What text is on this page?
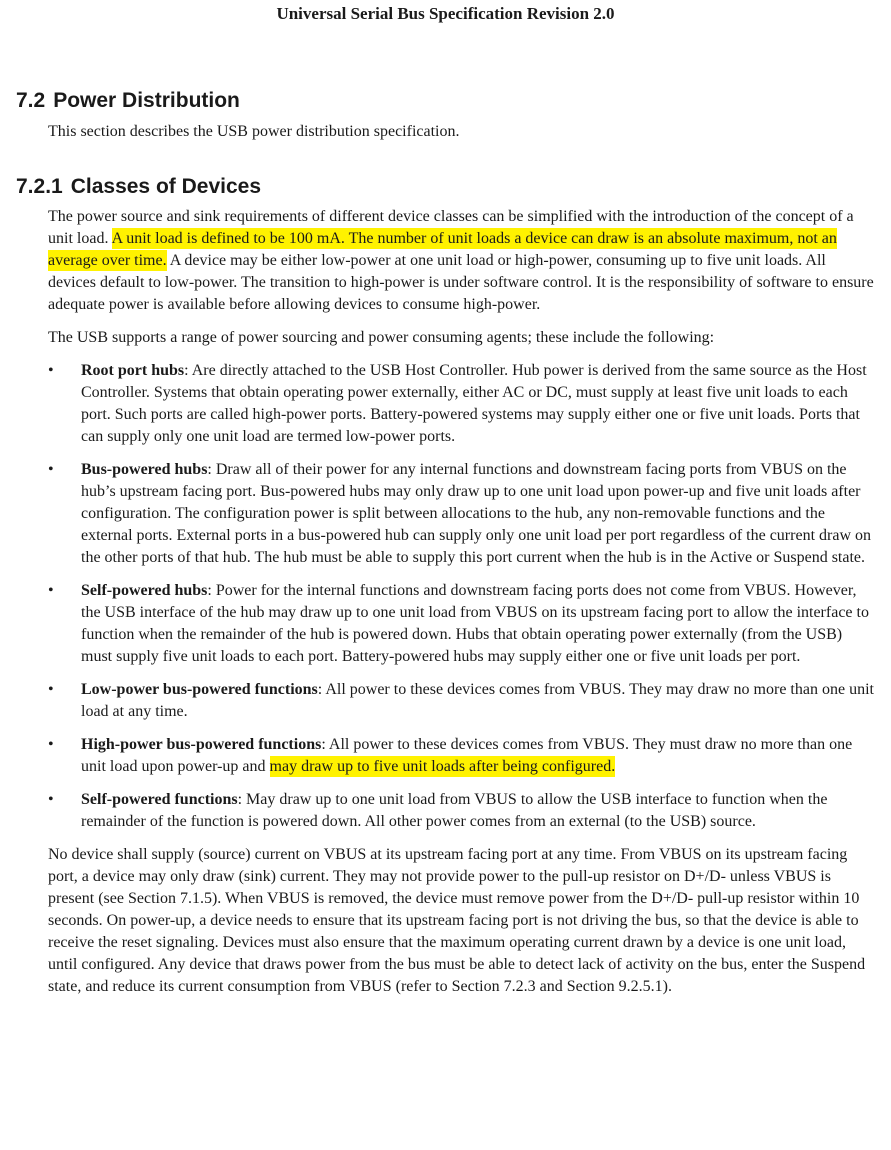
Universal Serial Bus Specification Revision 2.0
7.2 Power Distribution

This section describes the USB power distribution specification.

7.2.1 Classes of Devices

The power source and sink requirements of different device classes can be simplified with the introduction of the concept of a unit load. A unit load is defined to be 100 mA. The number of unit loads a device can draw is an absolute maximum, not an average over time. A device may be either low-power at one unit load or high-power, consuming up to five unit loads. All devices default to low-power. The transition to high-power is under software control. It is the responsibility of software to ensure adequate power is available before allowing devices to consume high-power.

The USB supports a range of power sourcing and power consuming agents; these include the following:

• Root port hubs: Are directly attached to the USB Host Controller. Hub power is derived from the same source as the Host Controller. Systems that obtain operating power externally, either AC or DC, must supply at least five unit loads to each port. Such ports are called high-power ports. Battery-powered systems may supply either one or five unit loads. Ports that can supply only one unit load are termed low-power ports.
• Bus-powered hubs: Draw all of their power for any internal functions and downstream facing ports from VBUS on the hub’s upstream facing port. Bus-powered hubs may only draw up to one unit load upon power-up and five unit loads after configuration. The configuration power is split between allocations to the hub, any non-removable functions and the external ports. External ports in a bus-powered hub can supply only one unit load per port regardless of the current draw on the other ports of that hub. The hub must be able to supply this port current when the hub is in the Active or Suspend state.
• Self-powered hubs: Power for the internal functions and downstream facing ports does not come from VBUS. However, the USB interface of the hub may draw up to one unit load from VBUS on its upstream facing port to allow the interface to function when the remainder of the hub is powered down. Hubs that obtain operating power externally (from the USB) must supply five unit loads to each port. Battery-powered hubs may supply either one or five unit loads per port.
• Low-power bus-powered functions: All power to these devices comes from VBUS. They may draw no more than one unit load at any time.
• High-power bus-powered functions: All power to these devices comes from VBUS. They must draw no more than one unit load upon power-up and may draw up to five unit loads after being configured.
• Self-powered functions: May draw up to one unit load from VBUS to allow the USB interface to function when the remainder of the function is powered down. All other power comes from an external (to the USB) source.

No device shall supply (source) current on VBUS at its upstream facing port at any time. From VBUS on its upstream facing port, a device may only draw (sink) current. They may not provide power to the pull-up resistor on D+/D- unless VBUS is present (see Section 7.1.5). When VBUS is removed, the device must remove power from the D+/D- pull-up resistor within 10 seconds. On power-up, a device needs to ensure that its upstream facing port is not driving the bus, so that the device is able to receive the reset signaling. Devices must also ensure that the maximum operating current drawn by a device is one unit load, until configured. Any device that draws power from the bus must be able to detect lack of activity on the bus, enter the Suspend state, and reduce its current consumption from VBUS (refer to Section 7.2.3 and Section 9.2.5.1).
